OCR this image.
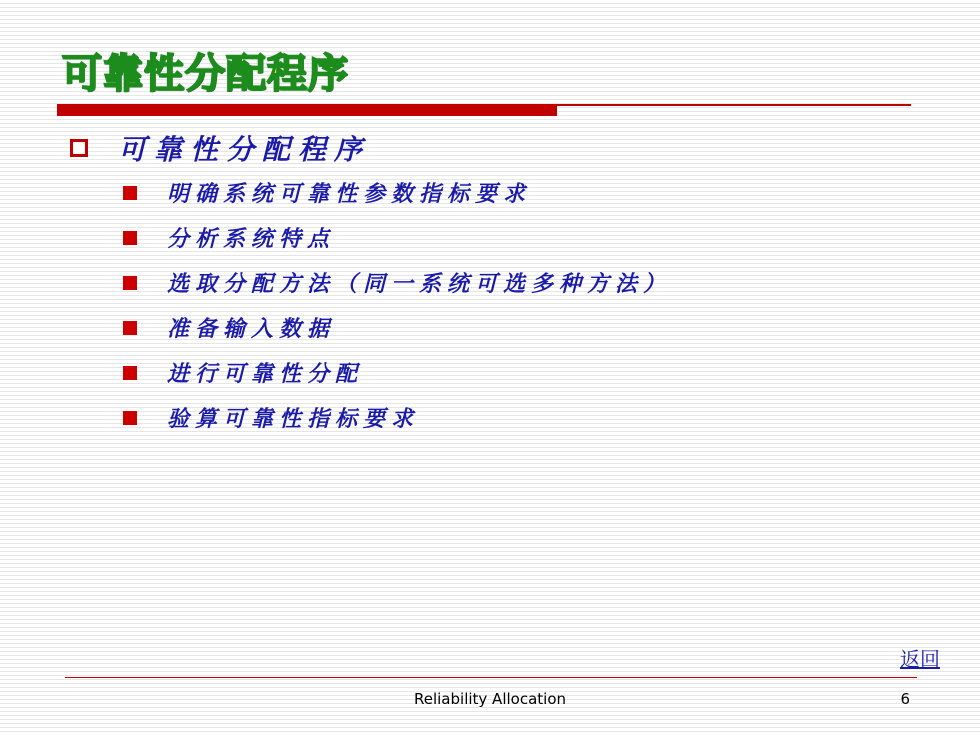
可靠性分配程序
可靠性分配程序
明确系统可靠性参数指标要求
分析系统特点
选取分配方法（同一系统可选多种方法）
准备输入数据
进行可靠性分配
验算可靠性指标要求
返回
Reliability Allocation	6
